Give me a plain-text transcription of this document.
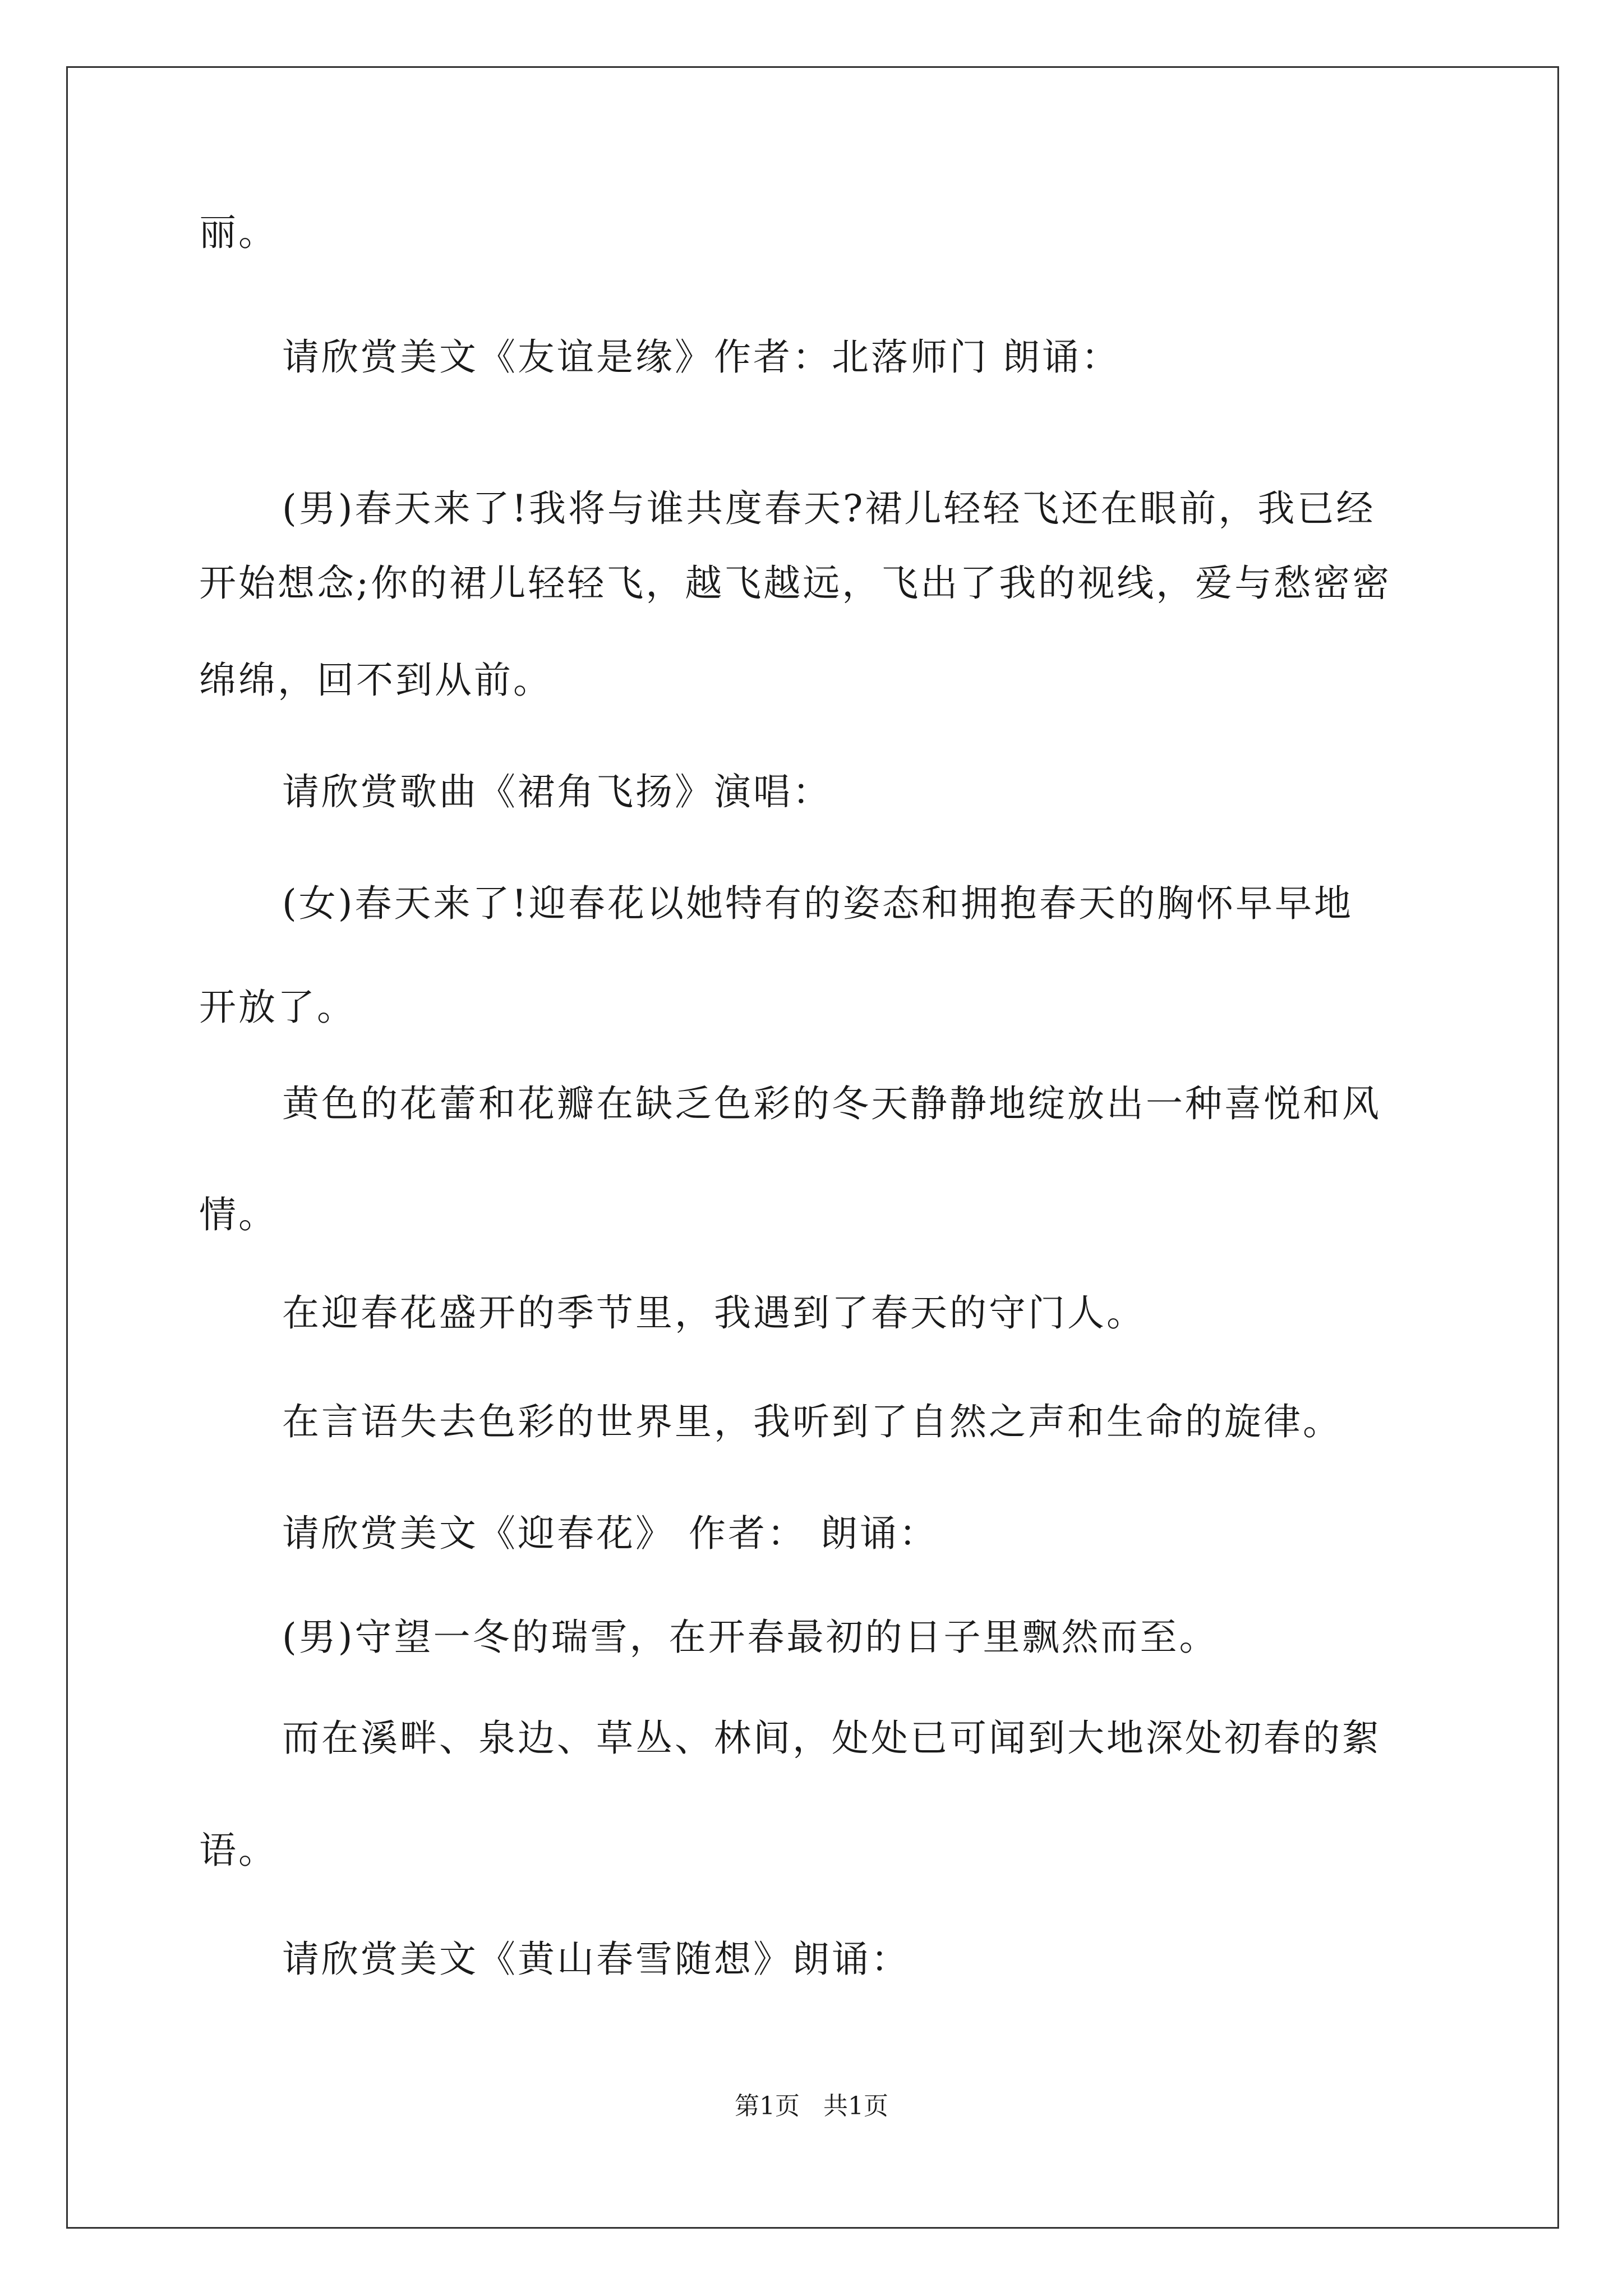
丽。
请欣赏美文《友谊是缘》作者：北落师门 朗诵：
(男)春天来了!我将与谁共度春天?裙儿轻轻飞还在眼前，我已经
开始想念;你的裙儿轻轻飞，越飞越远，飞出了我的视线，爱与愁密密
绵绵，回不到从前。
请欣赏歌曲《裙角飞扬》演唱：
(女)春天来了!迎春花以她特有的姿态和拥抱春天的胸怀早早地
开放了。
黄色的花蕾和花瓣在缺乏色彩的冬天静静地绽放出一种喜悦和风
情。
在迎春花盛开的季节里，我遇到了春天的守门人。
在言语失去色彩的世界里，我听到了自然之声和生命的旋律。
请欣赏美文《迎春花》 作者： 朗诵：
(男)守望一冬的瑞雪，在开春最初的日子里飘然而至。
而在溪畔、泉边、草丛、林间，处处已可闻到大地深处初春的絮
语。
请欣赏美文《黄山春雪随想》朗诵：
第1页   共1页
